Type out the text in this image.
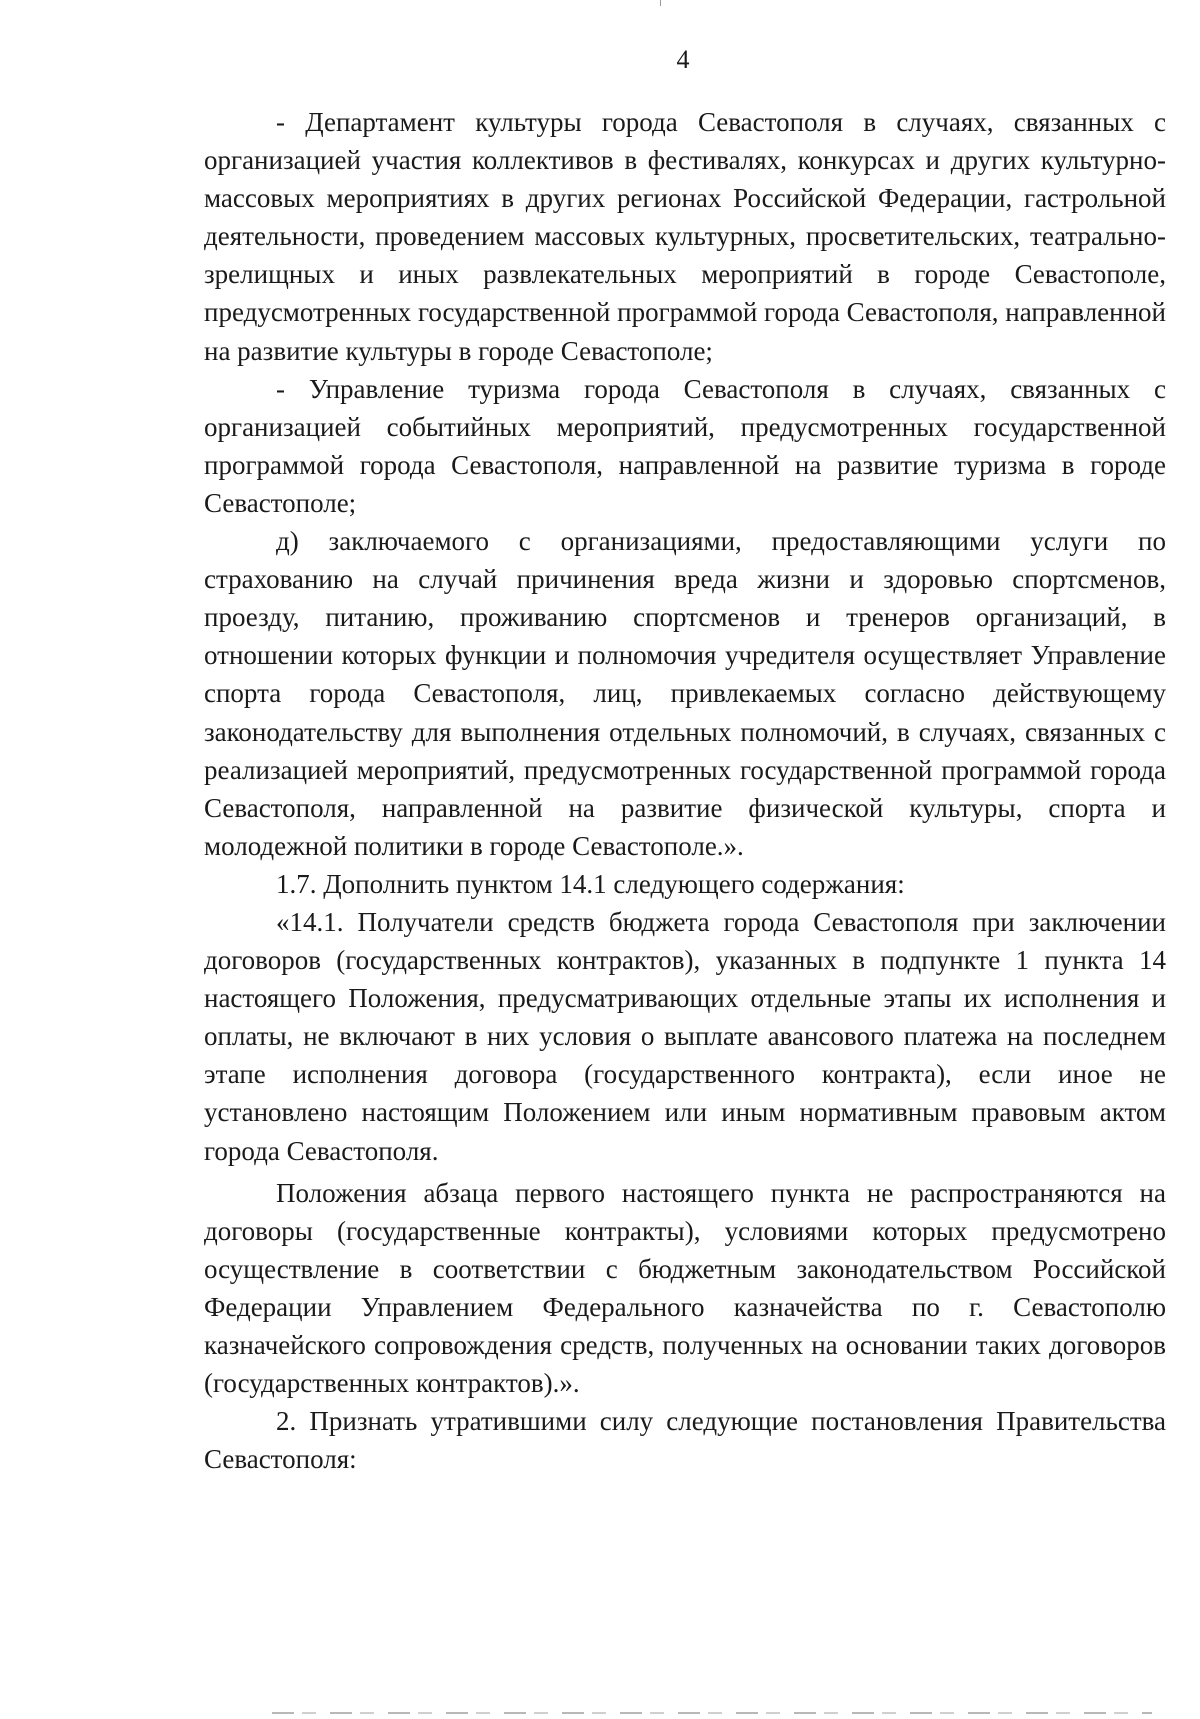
4

- Департамент культуры города Севастополя в случаях, связанных с организацией участия коллективов в фестивалях, конкурсах и других культурно-массовых мероприятиях в других регионах Российской Федерации, гастрольной деятельности, проведением массовых культурных, просветительских, театрально-зрелищных и иных развлекательных мероприятий в городе Севастополе, предусмотренных государственной программой города Севастополя, направленной на развитие культуры в городе Севастополе;

- Управление туризма города Севастополя в случаях, связанных с организацией событийных мероприятий, предусмотренных государственной программой города Севастополя, направленной на развитие туризма в городе Севастополе;

д) заключаемого с организациями, предоставляющими услуги по страхованию на случай причинения вреда жизни и здоровью спортсменов, проезду, питанию, проживанию спортсменов и тренеров организаций, в отношении которых функции и полномочия учредителя осуществляет Управление спорта города Севастополя, лиц, привлекаемых согласно действующему законодательству для выполнения отдельных полномочий, в случаях, связанных с реализацией мероприятий, предусмотренных государственной программой города Севастополя, направленной на развитие физической культуры, спорта и молодежной политики в городе Севастополе.».

1.7. Дополнить пунктом 14.1 следующего содержания:

«14.1. Получатели средств бюджета города Севастополя при заключении договоров (государственных контрактов), указанных в подпункте 1 пункта 14 настоящего Положения, предусматривающих отдельные этапы их исполнения и оплаты, не включают в них условия о выплате авансового платежа на последнем этапе исполнения договора (государственного контракта), если иное не установлено настоящим Положением или иным нормативным правовым актом города Севастополя.

Положения абзаца первого настоящего пункта не распространяются на договоры (государственные контракты), условиями которых предусмотрено осуществление в соответствии с бюджетным законодательством Российской Федерации Управлением Федерального казначейства по г. Севастополю казначейского сопровождения средств, полученных на основании таких договоров (государственных контрактов).».

2. Признать утратившими силу следующие постановления Правительства Севастополя:
